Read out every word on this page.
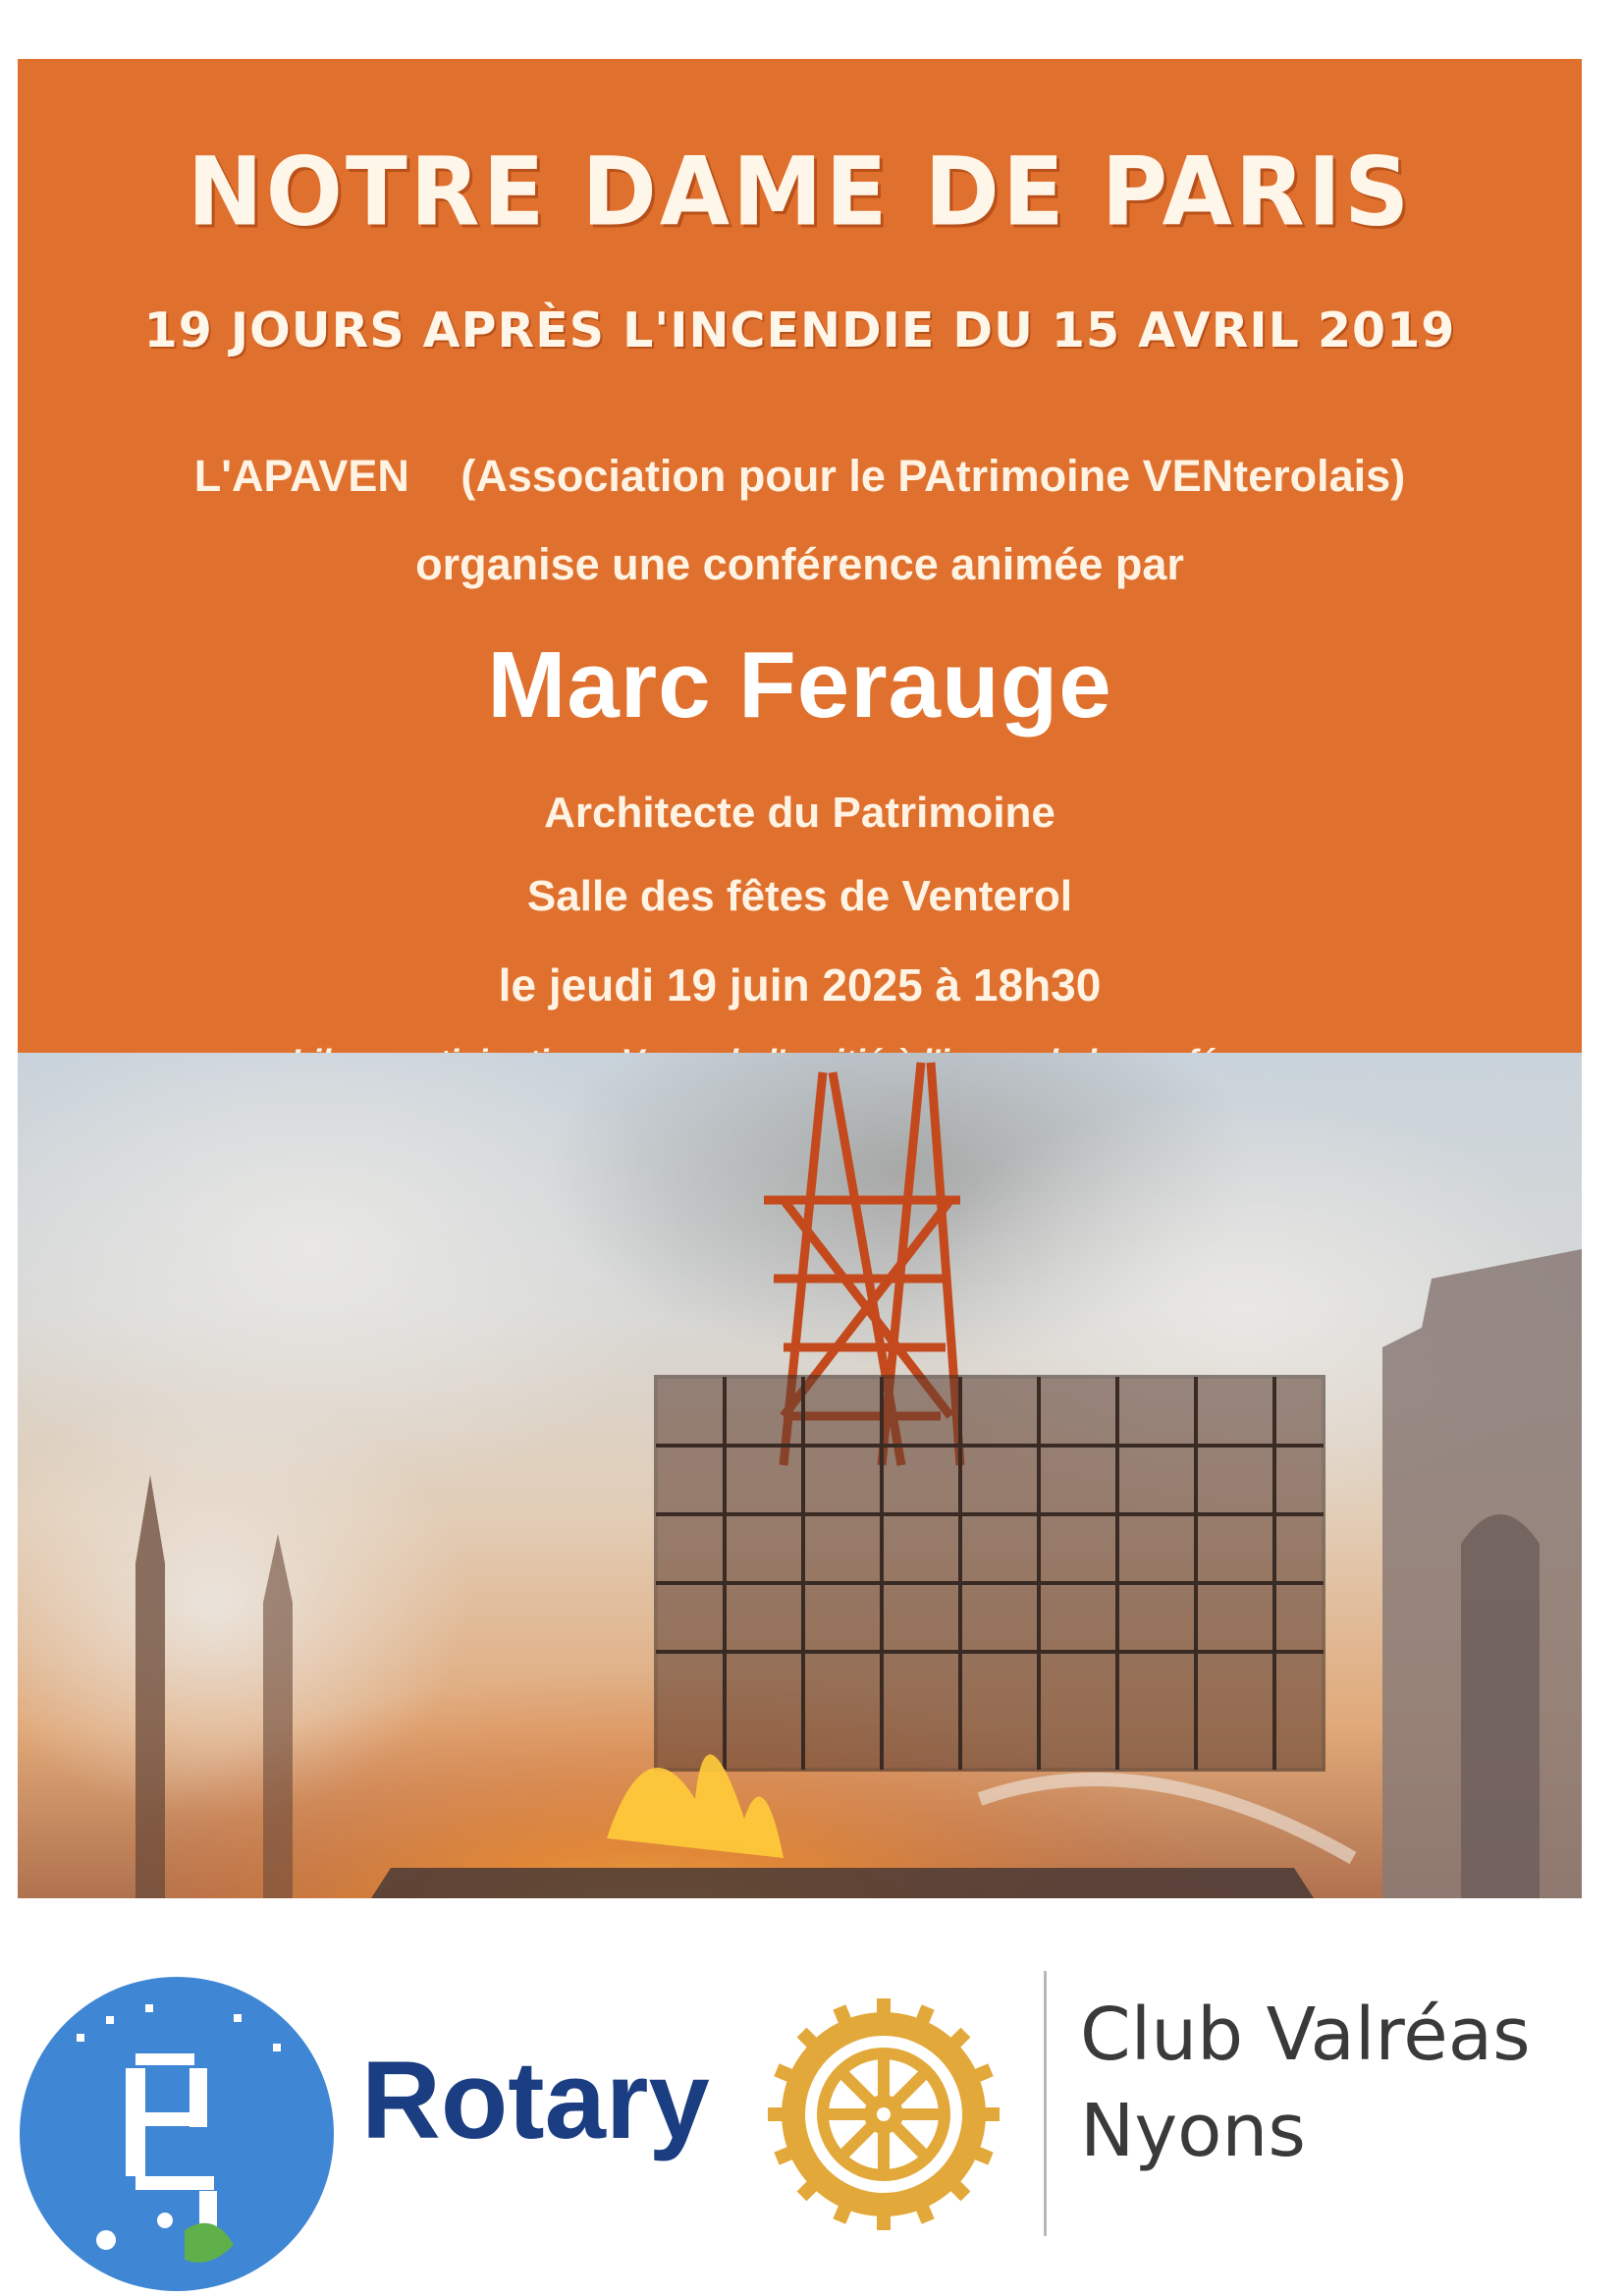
NOTRE DAME DE PARIS
19 JOURS APRÈS L'INCENDIE DU 15 AVRIL 2019
L'APAVEN (Association pour le PAtrimoine VENterolais)
organise une conférence animée par
Marc Ferauge
Architecte du Patrimoine
Salle des fêtes de Venterol
le jeudi 19 juin 2025 à 18h30
Rotary
Club Valréas
Nyons
